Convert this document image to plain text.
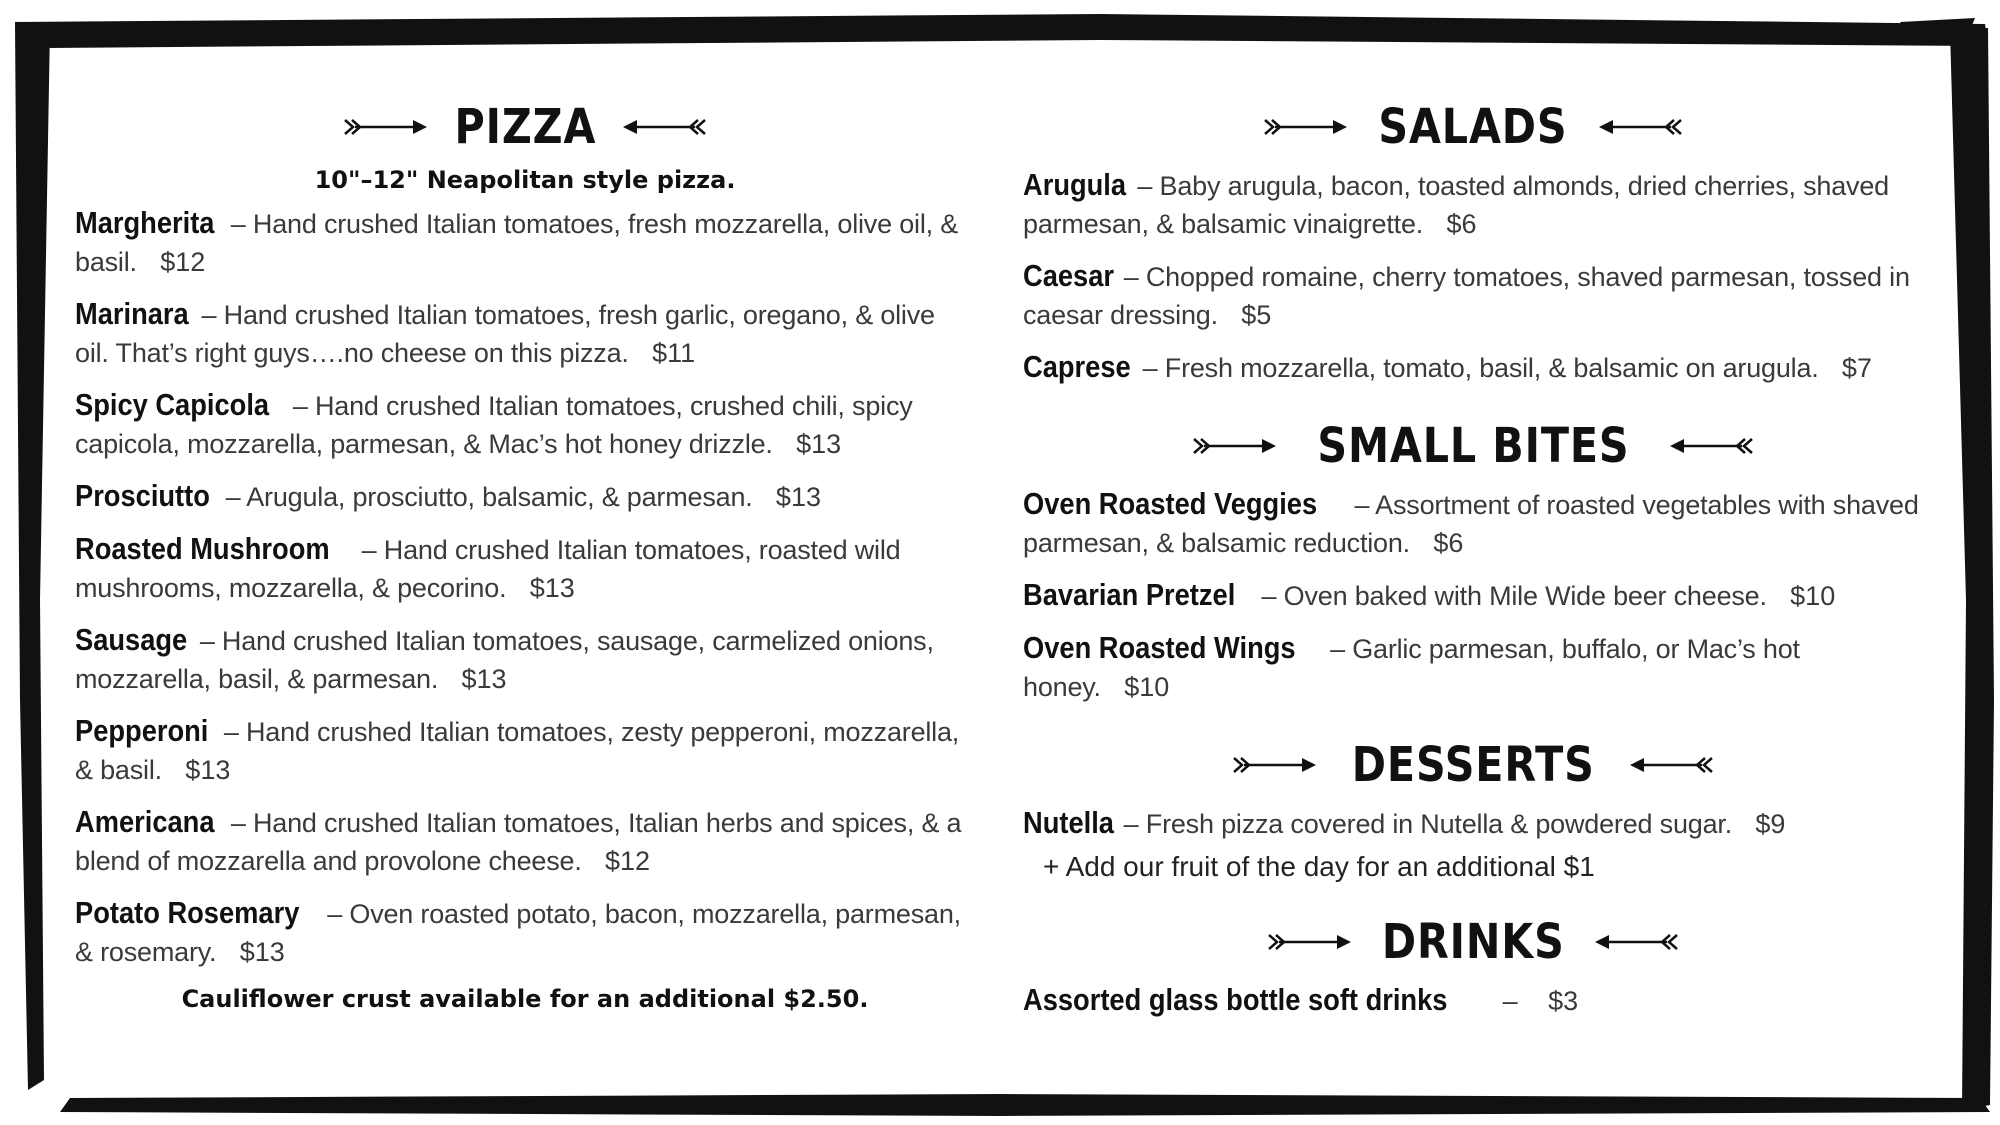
PIZZA
10"–12" Neapolitan style pizza.
Margherita – Hand crushed Italian tomatoes, fresh mozzarella, olive oil, & basil. $12
Marinara – Hand crushed Italian tomatoes, fresh garlic, oregano, & olive oil. That’s right guys….no cheese on this pizza. $11
Spicy Capicola – Hand crushed Italian tomatoes, crushed chili, spicy capicola, mozzarella, parmesan, & Mac’s hot honey drizzle. $13
Prosciutto – Arugula, prosciutto, balsamic, & parmesan. $13
Roasted Mushroom – Hand crushed Italian tomatoes, roasted wild mushrooms, mozzarella, & pecorino. $13
Sausage – Hand crushed Italian tomatoes, sausage, carmelized onions, mozzarella, basil, & parmesan. $13
Pepperoni – Hand crushed Italian tomatoes, zesty pepperoni, mozzarella, & basil. $13
Americana – Hand crushed Italian tomatoes, Italian herbs and spices, & a blend of mozzarella and provolone cheese. $12
Potato Rosemary – Oven roasted potato, bacon, mozzarella, parmesan, & rosemary. $13
Cauliflower crust available for an additional $2.50.
SALADS
Arugula – Baby arugula, bacon, toasted almonds, dried cherries, shaved parmesan, & balsamic vinaigrette. $6
Caesar – Chopped romaine, cherry tomatoes, shaved parmesan, tossed in caesar dressing. $5
Caprese – Fresh mozzarella, tomato, basil, & balsamic on arugula. $7
SMALL BITES
Oven Roasted Veggies – Assortment of roasted vegetables with shaved parmesan, & balsamic reduction. $6
Bavarian Pretzel – Oven baked with Mile Wide beer cheese. $10
Oven Roasted Wings – Garlic parmesan, buffalo, or Mac’s hot honey. $10
DESSERTS
Nutella – Fresh pizza covered in Nutella & powdered sugar. $9
+ Add our fruit of the day for an additional $1
DRINKS
Assorted glass bottle soft drinks –    $3
